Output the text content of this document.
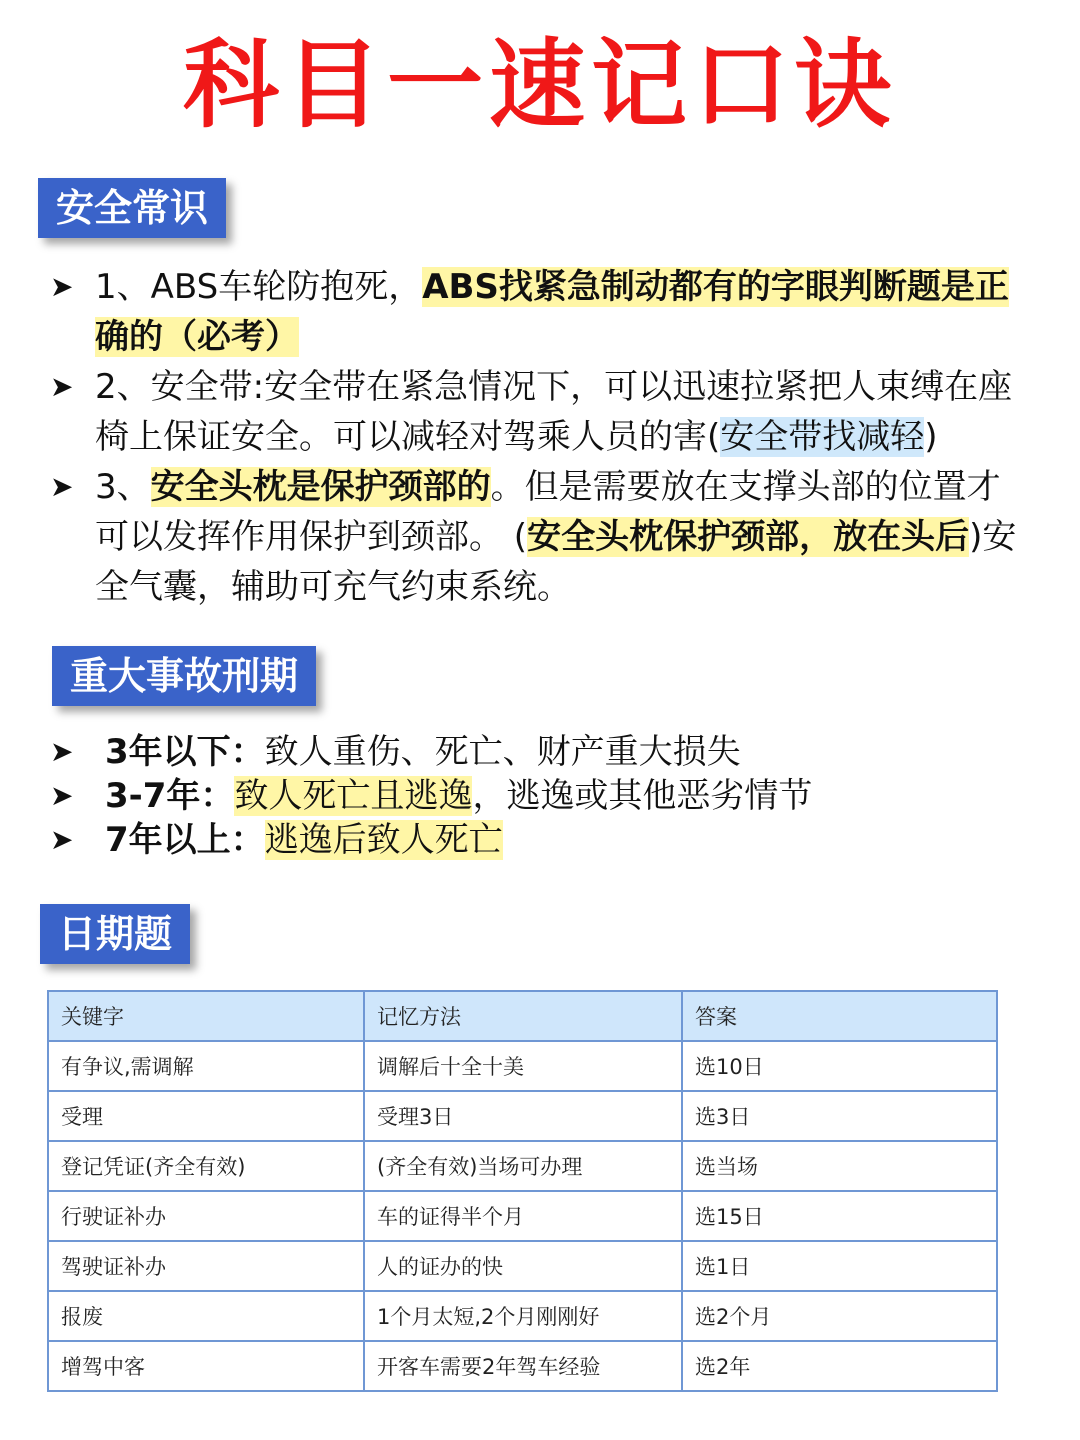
科目一速记口诀
安全常识
➤ 1、ABS车轮防抱死，ABS找紧急制动都有的字眼判断题是正确的（必考）
➤ 2、安全带:安全带在紧急情况下，可以迅速拉紧把人束缚在座椅上保证安全。可以减轻对驾乘人员的害(安全带找减轻)
➤ 3、安全头枕是保护颈部的。但是需要放在支撑头部的位置才可以发挥作用保护到颈部。 (安全头枕保护颈部，放在头后)安全气囊，辅助可充气约束系统。
重大事故刑期
➤ 3年以下：致人重伤、死亡、财产重大损失
➤ 3-7年：致人死亡且逃逸，逃逸或其他恶劣情节
➤ 7年以上：逃逸后致人死亡
日期题
关键字	记忆方法	答案
有争议,需调解	调解后十全十美	选10日
受理	受理3日	选3日
登记凭证(齐全有效)	(齐全有效)当场可办理	选当场
行驶证补办	车的证得半个月	选15日
驾驶证补办	人的证办的快	选1日
报废	1个月太短,2个月刚刚好	选2个月
增驾中客	开客车需要2年驾车经验	选2年
